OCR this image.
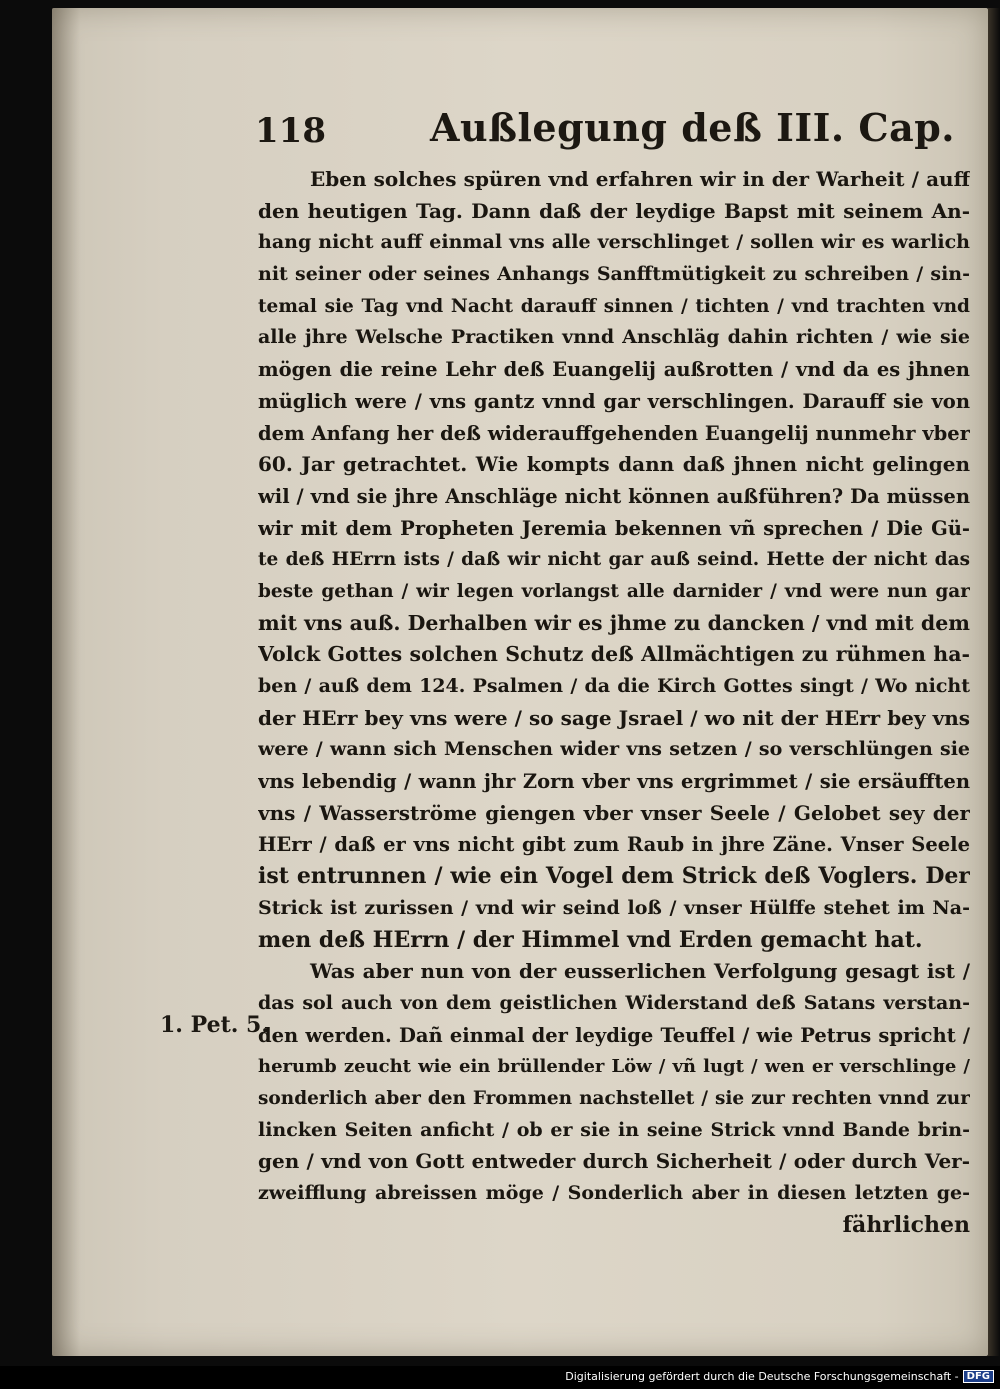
118	Außlegung deß III. Cap.
1. Pet. 5.
Eben solches spüren vnd erfahren wir in der Warheit / auff
den heutigen Tag. Dann daß der leydige Bapst mit seinem An-
hang nicht auff einmal vns alle verschlinget / sollen wir es warlich
nit seiner oder seines Anhangs Sanfftmütigkeit zu schreiben / sin-
temal sie Tag vnd Nacht darauff sinnen / tichten / vnd trachten vnd
alle jhre Welsche Practiken vnnd Anschläg dahin richten / wie sie
mögen die reine Lehr deß Euangelij außrotten / vnd da es jhnen
müglich were / vns gantz vnnd gar verschlingen. Darauff sie von
dem Anfang her deß widerauffgehenden Euangelij nunmehr vber
60. Jar getrachtet. Wie kompts dann daß jhnen nicht gelingen
wil / vnd sie jhre Anschläge nicht können außführen? Da müssen
wir mit dem Propheten Jeremia bekennen vñ sprechen / Die Gü-
te deß HErrn ists / daß wir nicht gar auß seind. Hette der nicht das
beste gethan / wir legen vorlangst alle darnider / vnd were nun gar
mit vns auß. Derhalben wir es jhme zu dancken / vnd mit dem
Volck Gottes solchen Schutz deß Allmächtigen zu rühmen ha-
ben / auß dem 124. Psalmen / da die Kirch Gottes singt / Wo nicht
der HErr bey vns were / so sage Jsrael / wo nit der HErr bey vns
were / wann sich Menschen wider vns setzen / so verschlüngen sie
vns lebendig / wann jhr Zorn vber vns ergrimmet / sie ersäufften
vns / Wasserströme giengen vber vnser Seele / Gelobet sey der
HErr / daß er vns nicht gibt zum Raub in jhre Zäne. Vnser Seele
ist entrunnen / wie ein Vogel dem Strick deß Voglers. Der
Strick ist zurissen / vnd wir seind loß / vnser Hülffe stehet im Na-
men deß HErrn / der Himmel vnd Erden gemacht hat.
Was aber nun von der eusserlichen Verfolgung gesagt ist /
das sol auch von dem geistlichen Widerstand deß Satans verstan-
den werden. Dañ einmal der leydige Teuffel / wie Petrus spricht /
herumb zeucht wie ein brüllender Löw / vñ lugt / wen er verschlinge /
sonderlich aber den Frommen nachstellet / sie zur rechten vnnd zur
lincken Seiten anficht / ob er sie in seine Strick vnnd Bande brin-
gen / vnd von Gott entweder durch Sicherheit / oder durch Ver-
zweifflung abreissen möge / Sonderlich aber in diesen letzten ge-
fährlichen
Digitalisierung gefördert durch die Deutsche Forschungsgemeinschaft - DFG
